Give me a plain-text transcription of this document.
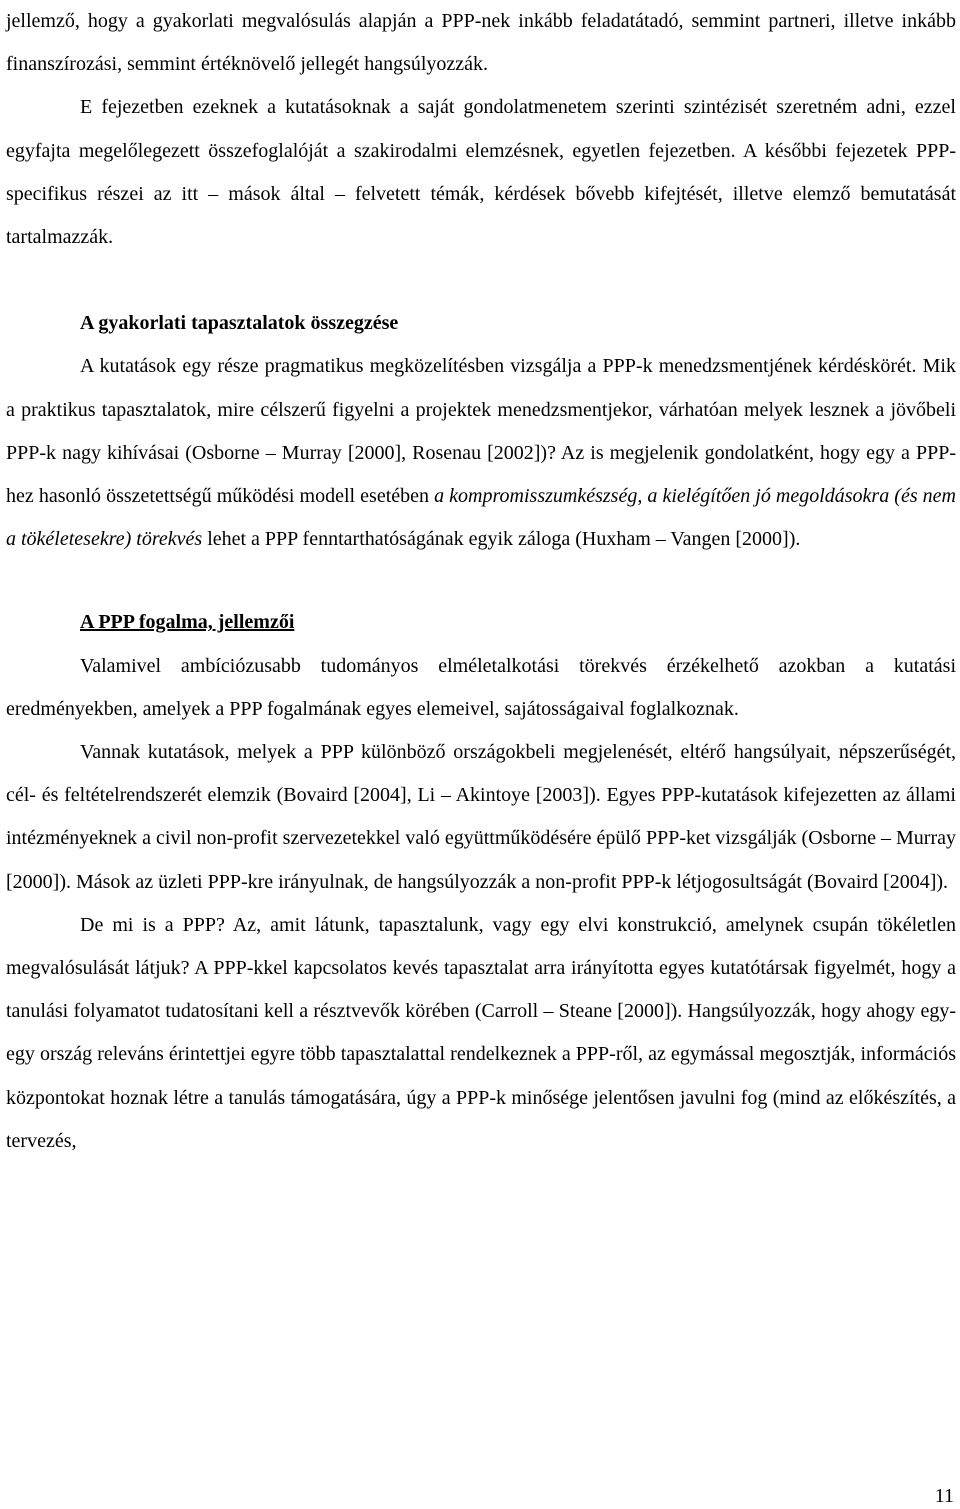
jellemző, hogy a gyakorlati megvalósulás alapján a PPP-nek inkább feladatátadó, semmint partneri, illetve inkább finanszírozási, semmint értéknövelő jellegét hangsúlyozzák.

E fejezetben ezeknek a kutatásoknak a saját gondolatmenetem szerinti szintézisét szeretném adni, ezzel egyfajta megelőlegezett összefoglalóját a szakirodalmi elemzésnek, egyetlen fejezetben. A későbbi fejezetek PPP-specifikus részei az itt – mások által – felvetett témák, kérdések bővebb kifejtését, illetve elemző bemutatását tartalmazzák.

A gyakorlati tapasztalatok összegzése

A kutatások egy része pragmatikus megközelítésben vizsgálja a PPP-k menedzsmentjének kérdéskörét. Mik a praktikus tapasztalatok, mire célszerű figyelni a projektek menedzsmentjekor, várhatóan melyek lesznek a jövőbeli PPP-k nagy kihívásai (Osborne – Murray [2000], Rosenau [2002])? Az is megjelenik gondolatként, hogy egy a PPP-hez hasonló összetettségű működési modell esetében a kompromisszumkészség, a kielégítően jó megoldásokra (és nem a tökéletesekre) törekvés lehet a PPP fenntarthatóságának egyik záloga (Huxham – Vangen [2000]).

A PPP fogalma, jellemzői

Valamivel ambíciózusabb tudományos elméletalkotási törekvés érzékelhető azokban a kutatási eredményekben, amelyek a PPP fogalmának egyes elemeivel, sajátosságaival foglalkoznak.

Vannak kutatások, melyek a PPP különböző országokbeli megjelenését, eltérő hangsúlyait, népszerűségét, cél- és feltételrendszerét elemzik (Bovaird [2004], Li – Akintoye [2003]). Egyes PPP-kutatások kifejezetten az állami intézményeknek a civil non-profit szervezetekkel való együttműködésére épülő PPP-ket vizsgálják (Osborne – Murray [2000]). Mások az üzleti PPP-kre irányulnak, de hangsúlyozzák a non-profit PPP-k létjogosultságát (Bovaird [2004]).

De mi is a PPP? Az, amit látunk, tapasztalunk, vagy egy elvi konstrukció, amelynek csupán tökéletlen megvalósulását látjuk? A PPP-kkel kapcsolatos kevés tapasztalat arra irányította egyes kutatótársak figyelmét, hogy a tanulási folyamatot tudatosítani kell a résztvevők körében (Carroll – Steane [2000]). Hangsúlyozzák, hogy ahogy egy-egy ország releváns érintettjei egyre több tapasztalattal rendelkeznek a PPP-ről, az egymással megosztják, információs központokat hoznak létre a tanulás támogatására, úgy a PPP-k minősége jelentősen javulni fog (mind az előkészítés, a tervezés,

11
